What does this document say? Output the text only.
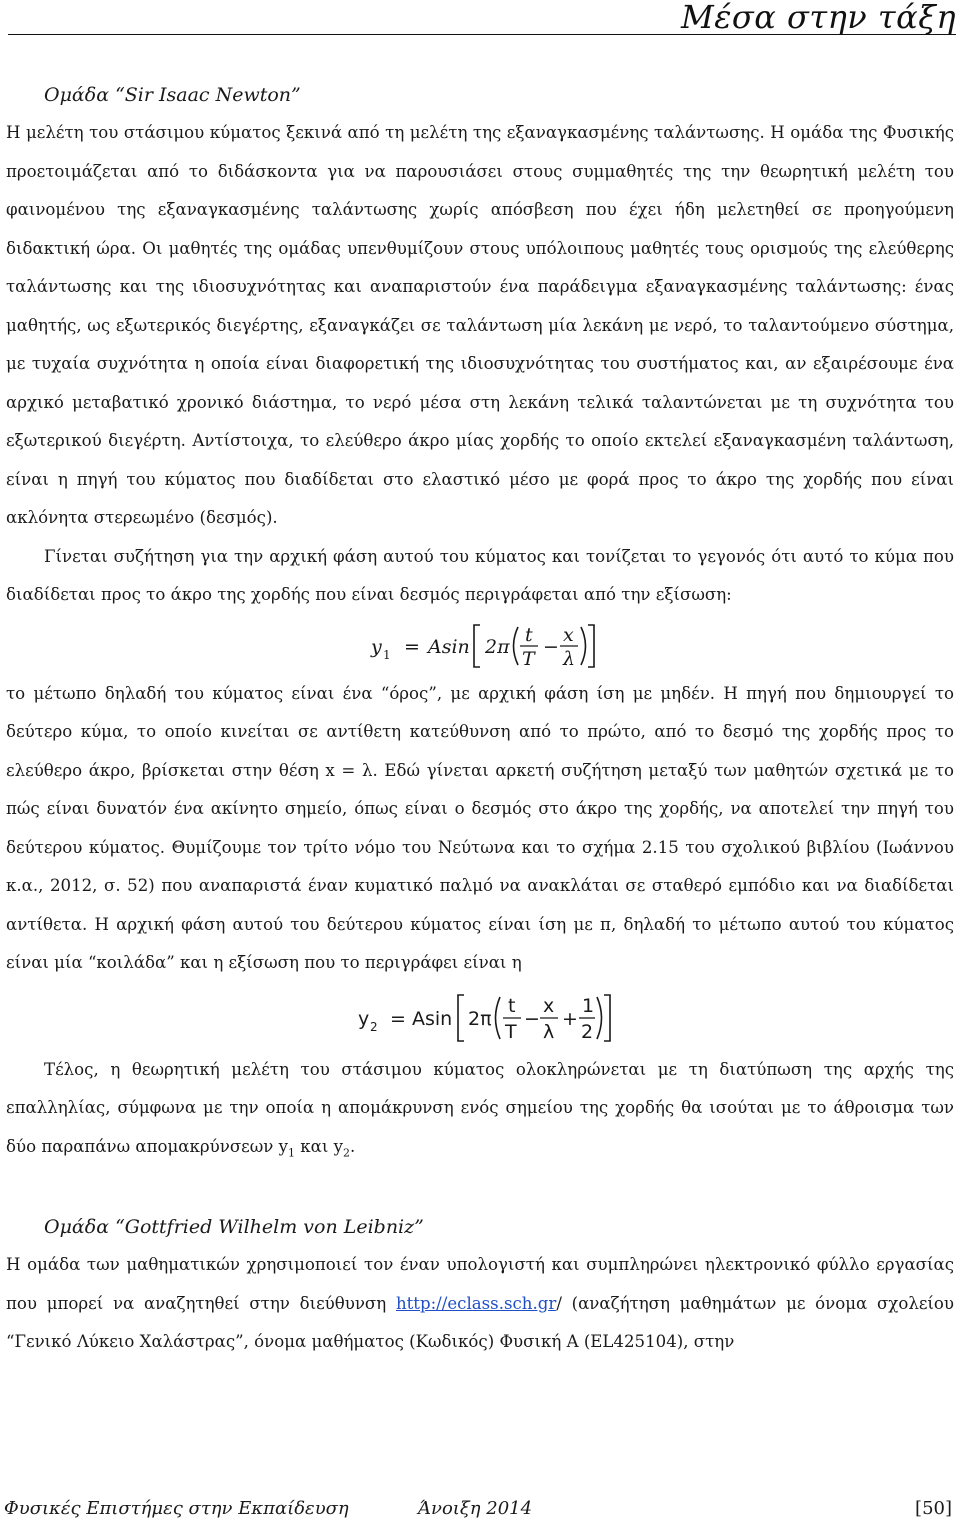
Μέσα στην τάξη
Ομάδα “Sir Isaac Newton”

Η μελέτη του στάσιμου κύματος ξεκινά από τη μελέτη της εξαναγκασμένης ταλάντωσης. Η ομάδα της Φυσικής προετοιμάζεται από το διδάσκοντα για να παρουσιάσει στους συμμαθητές της την θεωρητική μελέτη του φαινομένου της εξαναγκασμένης ταλάντωσης χωρίς απόσβεση που έχει ήδη μελετηθεί σε προηγούμενη διδακτική ώρα. Οι μαθητές της ομάδας υπενθυμίζουν στους υπόλοιπους μαθητές τους ορισμούς της ελεύθερης ταλάντωσης και της ιδιοσυχνότητας και αναπαριστούν ένα παράδειγμα εξαναγκασμένης ταλάντωσης: ένας μαθητής, ως εξωτερικός διεγέρτης, εξαναγκάζει σε ταλάντωση μία λεκάνη με νερό, το ταλαντούμενο σύστημα, με τυχαία συχνότητα η οποία είναι διαφορετική της ιδιοσυχνότητας του συστήματος και, αν εξαιρέσουμε ένα αρχικό μεταβατικό χρονικό διάστημα, το νερό μέσα στη λεκάνη τελικά ταλαντώνεται με τη συχνότητα του εξωτερικού διεγέρτη. Αντίστοιχα, το ελεύθερο άκρο μίας χορδής το οποίο εκτελεί εξαναγκασμένη ταλάντωση, είναι η πηγή του κύματος που διαδίδεται στο ελαστικό μέσο με φορά προς το άκρο της χορδής που είναι ακλόνητα στερεωμένο (δεσμός).

Γίνεται συζήτηση για την αρχική φάση αυτού του κύματος και τονίζεται το γεγονός ότι αυτό το κύμα που διαδίδεται προς το άκρο της χορδής που είναι δεσμός περιγράφεται από την εξίσωση:

y 1 = Asin 2π
t
T
−
x
λ

το μέτωπο δηλαδή του κύματος είναι ένα “όρος”, με αρχική φάση ίση με μηδέν. Η πηγή που δημιουργεί το δεύτερο κύμα, το οποίο κινείται σε αντίθετη κατεύθυνση από το πρώτο, από το δεσμό της χορδής προς το ελεύθερο άκρο, βρίσκεται στην θέση x = λ. Εδώ γίνεται αρκετή συζήτηση μεταξύ των μαθητών σχετικά με το πώς είναι δυνατόν ένα ακίνητο σημείο, όπως είναι ο δεσμός στο άκρο της χορδής, να αποτελεί την πηγή του δεύτερου κύματος. Θυμίζουμε τον τρίτο νόμο του Νεύτωνα και το σχήμα 2.15 του σχολικού βιβλίου (Ιωάννου κ.α., 2012, σ. 52) που αναπαριστά έναν κυματικό παλμό να ανακλάται σε σταθερό εμπόδιο και να διαδίδεται αντίθετα. Η αρχική φάση αυτού του δεύτερου κύματος είναι ίση με π, δηλαδή το μέτωπο αυτού του κύματος είναι μία “κοιλάδα” και η εξίσωση που το περιγράφει είναι η

y 2 = Asin 2π
t
T
−
x
λ
+
1
2

Τέλος, η θεωρητική μελέτη του στάσιμου κύματος ολοκληρώνεται με τη διατύπωση της αρχής της επαλληλίας, σύμφωνα με την οποία η απομάκρυνση ενός σημείου της χορδής θα ισούται με το άθροισμα των δύο παραπάνω απομακρύνσεων $y_1$ και $y_2$.

Ομάδα “Gottfried Wilhelm von Leibniz”

Η ομάδα των μαθηματικών χρησιμοποιεί τον έναν υπολογιστή και συμπληρώνει ηλεκτρονικό φύλλο εργασίας που μπορεί να αναζητηθεί στην διεύθυνση http://eclass.sch.gr/ (αναζήτηση μαθημάτων με όνομα σχολείου “Γενικό Λύκειο Χαλάστρας”, όνομα μαθήματος (Κωδικός) Φυσική Α (EL425104), στην

Φυσικές Επιστήμες στην Εκπαίδευση	Άνοιξη 2014	[50]
